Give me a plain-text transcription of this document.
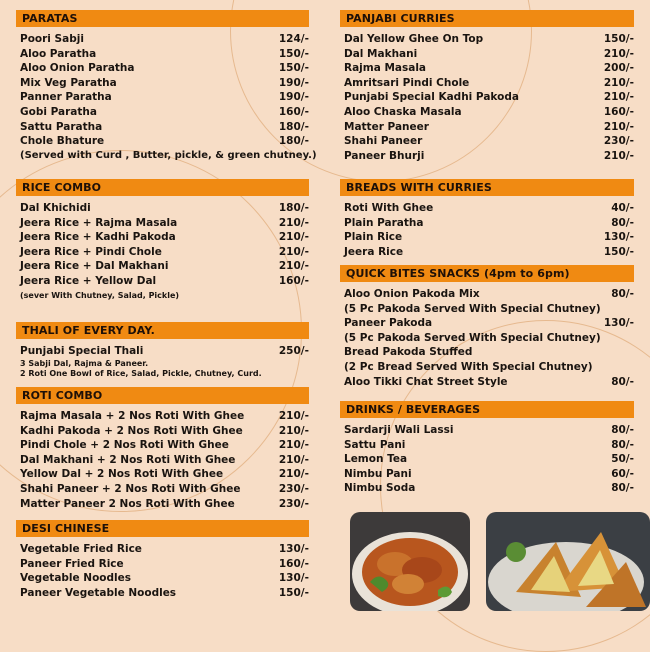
PARATAS
Poori Sabji	124/-
Aloo Paratha	150/-
Aloo Onion Paratha	150/-
Mix Veg Paratha	190/-
Panner Paratha	190/-
Gobi Paratha	160/-
Sattu Paratha	180/-
Chole Bhature	180/-
(Served with Curd , Butter, pickle, & green chutney.)
RICE COMBO
Dal Khichidi	180/-
Jeera Rice + Rajma Masala	210/-
Jeera Rice + Kadhi Pakoda	210/-
Jeera Rice + Pindi Chole	210/-
Jeera Rice + Dal Makhani	210/-
Jeera Rice + Yellow Dal	160/-
(sever With Chutney, Salad, Pickle)
THALI OF EVERY DAY.
Punjabi Special Thali	250/-
3 Sabji Dal, Rajma & Paneer.
2 Roti One Bowl of Rice, Salad, Pickle, Chutney, Curd.
ROTI COMBO
Rajma Masala + 2 Nos Roti With Ghee	210/-
Kadhi Pakoda + 2 Nos Roti With Ghee	210/-
Pindi Chole + 2 Nos Roti With Ghee	210/-
Dal Makhani + 2 Nos Roti With Ghee	210/-
Yellow Dal + 2 Nos Roti With Ghee	210/-
Shahi Paneer + 2 Nos Roti With Ghee	230/-
Matter Paneer 2 Nos Roti With Ghee	230/-
DESI CHINESE
Vegetable Fried Rice	130/-
Paneer Fried Rice	160/-
Vegetable Noodles	130/-
Paneer Vegetable Noodles	150/-
PANJABI CURRIES
Dal Yellow Ghee On Top	150/-
Dal Makhani	210/-
Rajma Masala	200/-
Amritsari Pindi Chole	210/-
Punjabi Special Kadhi Pakoda	210/-
Aloo Chaska Masala	160/-
Matter Paneer	210/-
Shahi Paneer	230/-
Paneer Bhurji	210/-
BREADS WITH CURRIES
Roti With Ghee	40/-
Plain Paratha	80/-
Plain Rice	130/-
Jeera Rice	150/-
QUICK BITES SNACKS (4pm to 6pm)
Aloo Onion Pakoda Mix	80/-
(5 Pc Pakoda Served With Special Chutney)
Paneer Pakoda	130/-
(5 Pc Pakoda Served With Special Chutney)
Bread Pakoda Stuffed
(2 Pc Bread Served With Special Chutney)
Aloo Tikki Chat Street Style	80/-
DRINKS / BEVERAGES
Sardarji Wali Lassi	80/-
Sattu Pani	80/-
Lemon Tea	50/-
Nimbu Pani	60/-
Nimbu Soda	80/-
